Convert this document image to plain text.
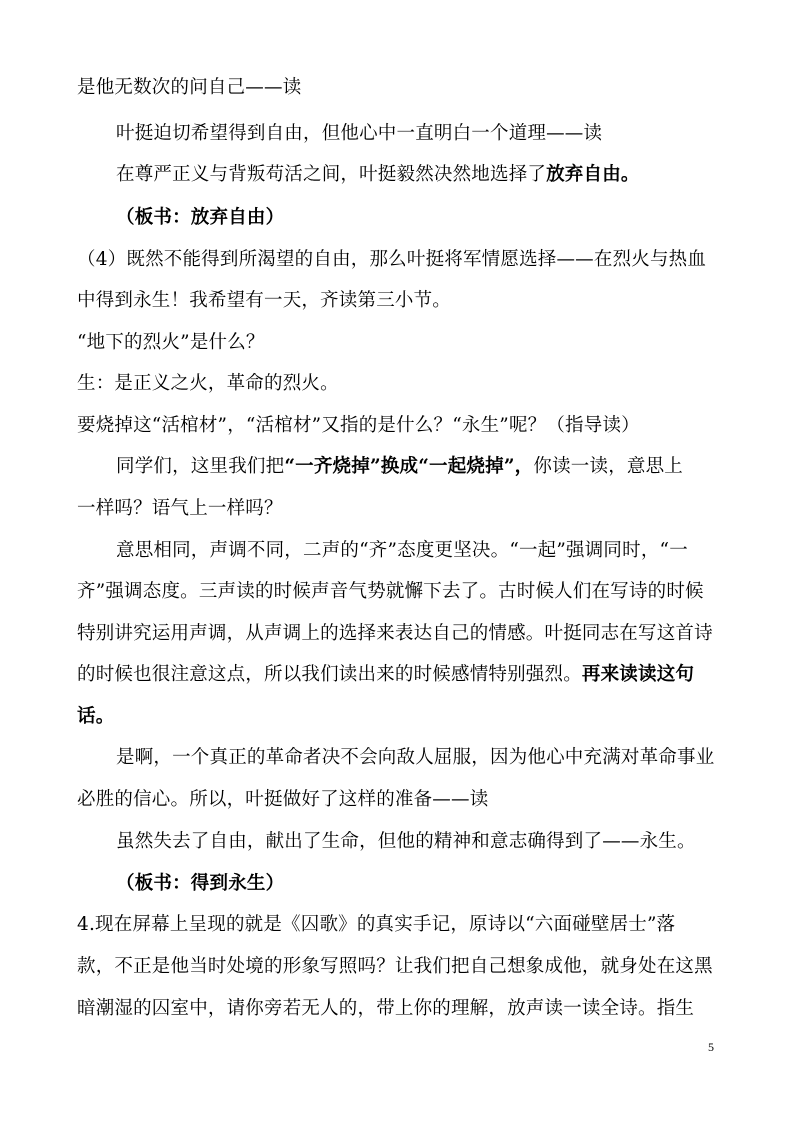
是他无数次的问自己——读
叶挺迫切希望得到自由，但他心中一直明白一个道理——读
在尊严正义与背叛苟活之间，叶挺毅然决然地选择了放弃自由。
（板书：放弃自由）
（4）既然不能得到所渴望的自由，那么叶挺将军情愿选择——在烈火与热血
中得到永生！我希望有一天，齐读第三小节。
“地下的烈火”是什么？
生：是正义之火，革命的烈火。
要烧掉这“活棺材”，“活棺材”又指的是什么？“永生”呢？（指导读）
同学们，这里我们把“一齐烧掉”换成“一起烧掉”，你读一读，意思上
一样吗？语气上一样吗？
意思相同，声调不同，二声的“齐”态度更坚决。“一起”强调同时，“一
齐”强调态度。三声读的时候声音气势就懈下去了。古时候人们在写诗的时候
特别讲究运用声调，从声调上的选择来表达自己的情感。叶挺同志在写这首诗
的时候也很注意这点，所以我们读出来的时候感情特别强烈。再来读读这句
话。
是啊，一个真正的革命者决不会向敌人屈服，因为他心中充满对革命事业
必胜的信心。所以，叶挺做好了这样的准备——读
虽然失去了自由，献出了生命，但他的精神和意志确得到了——永生。
（板书：得到永生）
4.现在屏幕上呈现的就是《囚歌》的真实手记，原诗以“六面碰壁居士”落
款，不正是他当时处境的形象写照吗？让我们把自己想象成他，就身处在这黑
暗潮湿的囚室中，请你旁若无人的，带上你的理解，放声读一读全诗。指生
5
